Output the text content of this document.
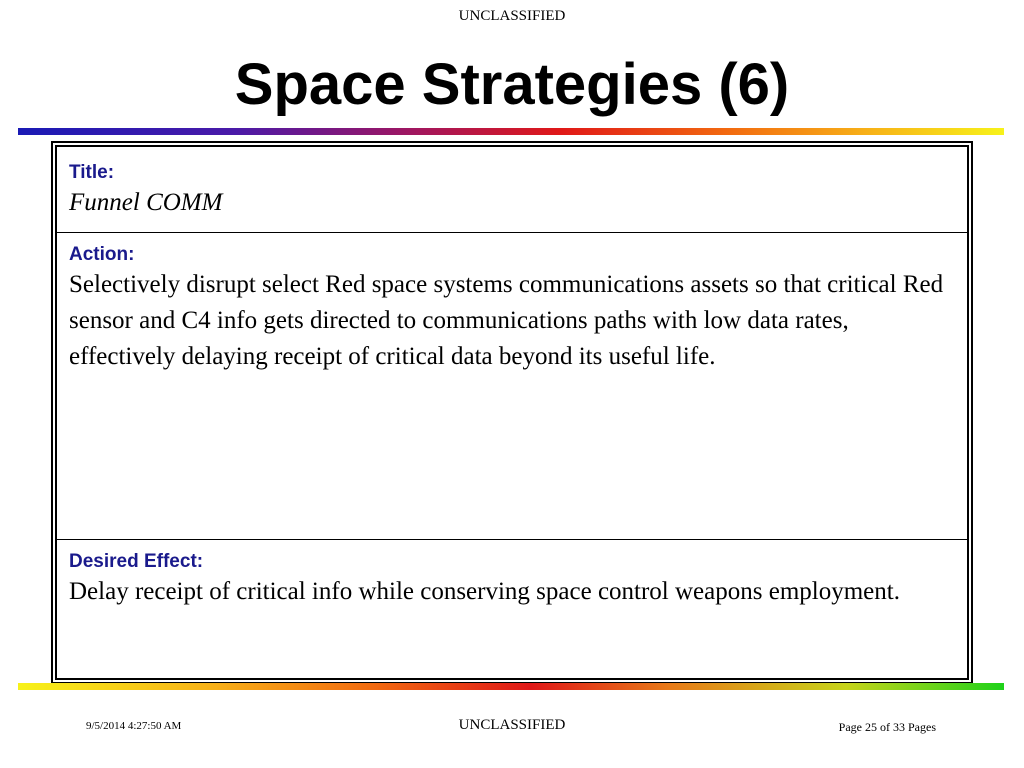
UNCLASSIFIED
Space Strategies (6)
Title:
Funnel COMM
Action:
Selectively disrupt select Red space systems communications assets so that critical Red sensor and C4 info gets directed to communications paths with low data rates, effectively delaying receipt of critical data beyond its useful life.
Desired Effect:
Delay receipt of critical info while conserving space control weapons employment.
9/5/2014 4:27:50 AM	UNCLASSIFIED	Page 25 of 33 Pages
